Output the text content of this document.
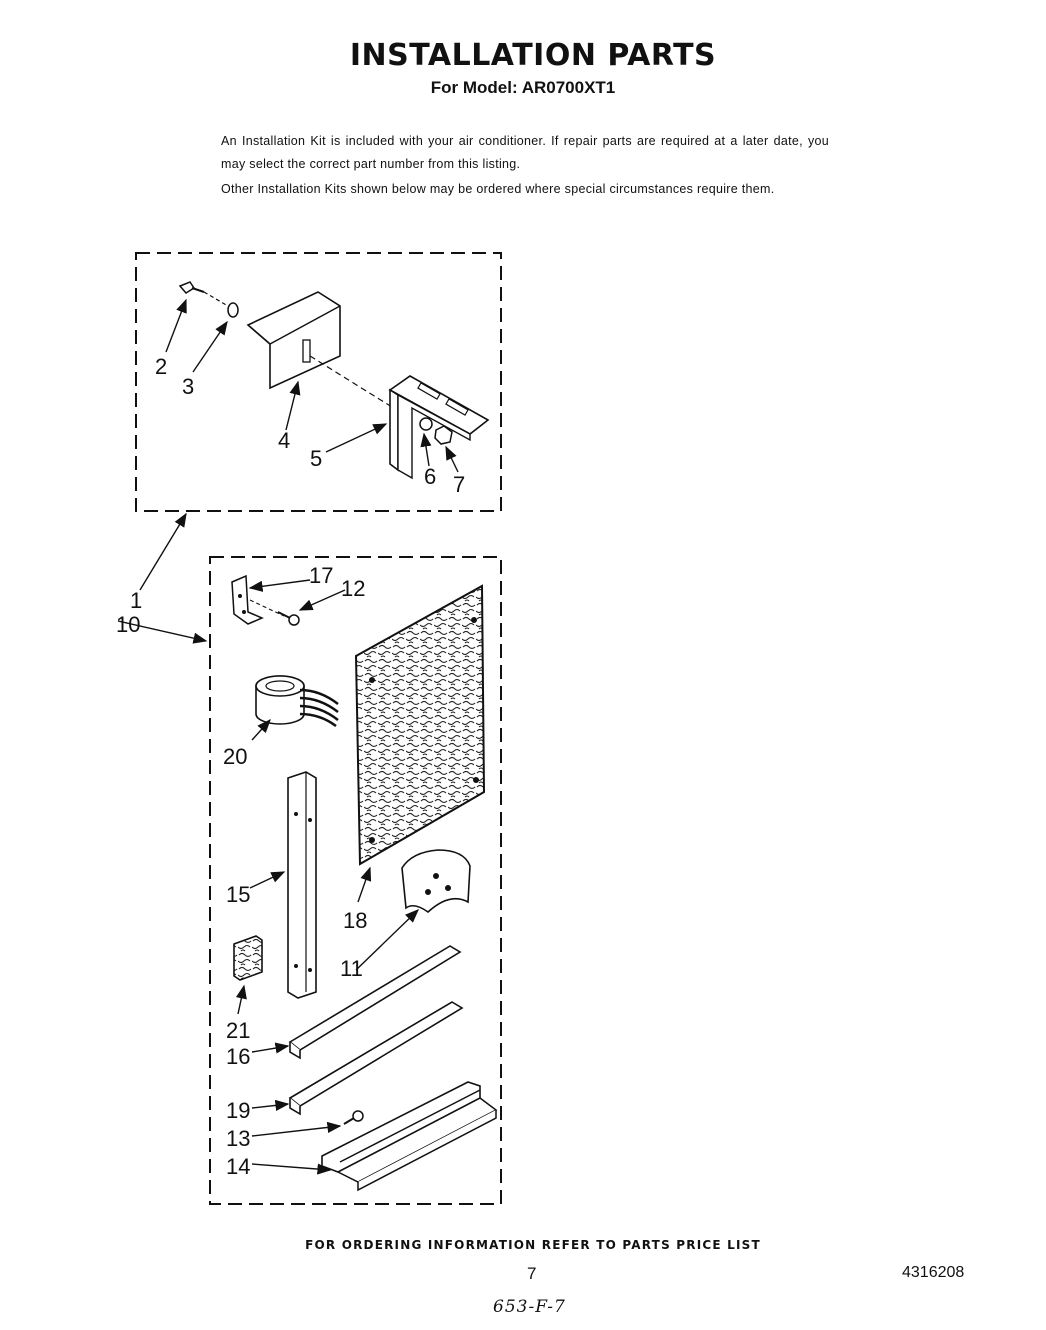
INSTALLATION PARTS
For Model: AR0700XT1
An Installation Kit is included with your air conditioner. If repair parts are required at a later date, you may select the correct part number from this listing.
Other Installation Kits shown below may be ordered where special circumstances require them.
2
3
4
5
6 7
1
10
17
12
20
15
18
11
21
16
19
13
14
FOR ORDERING INFORMATION REFER TO PARTS PRICE LIST
7	4316208
653-F-7
